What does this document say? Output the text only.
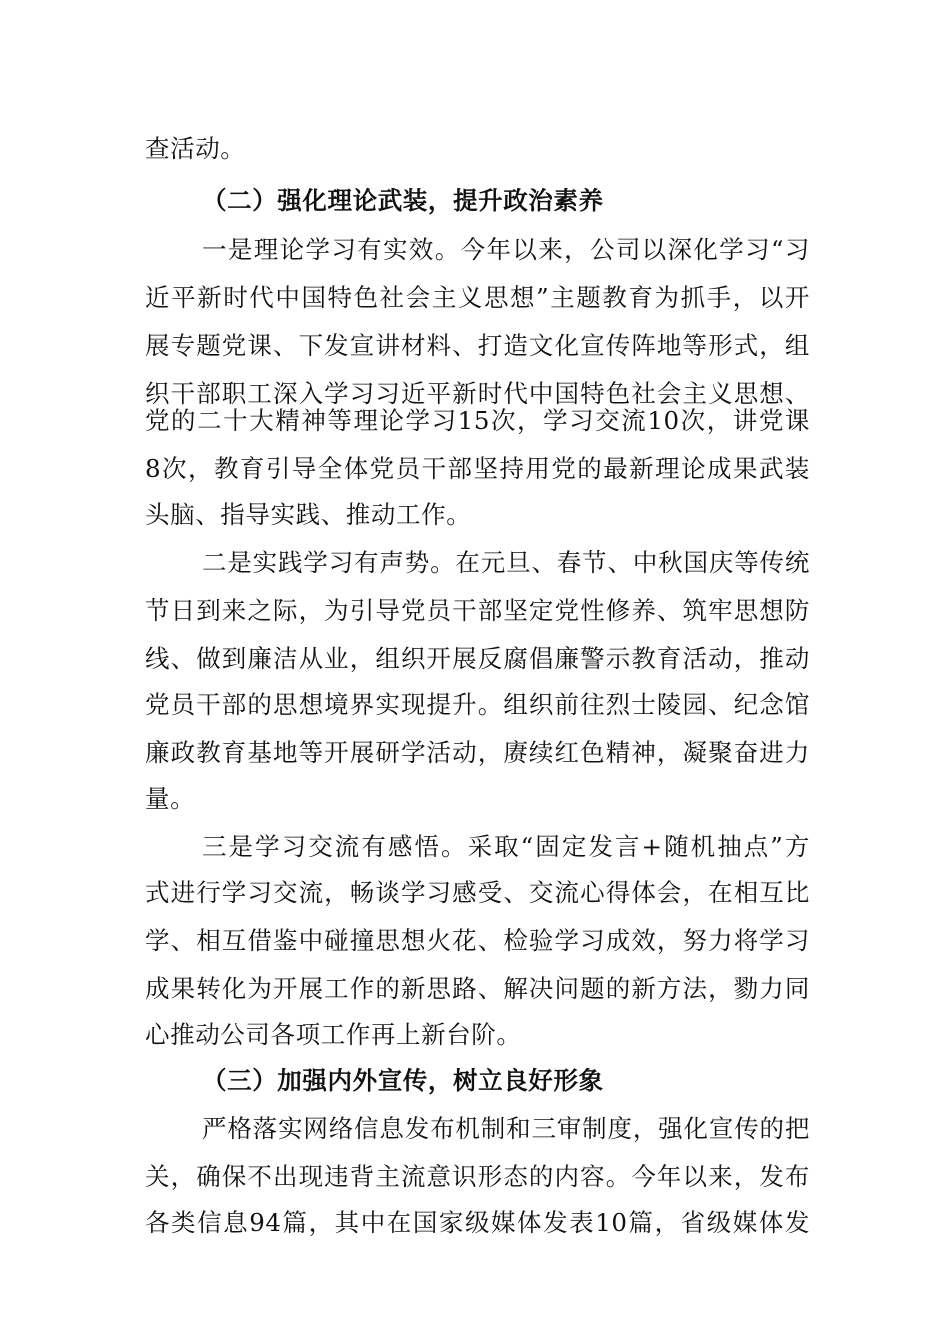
查活动。
（二）强化理论武装，提升政治素养
一是理论学习有实效。今年以来，公司以深化学习“习
近平新时代中国特色社会主义思想”主题教育为抓手，以开
展专题党课、下发宣讲材料、打造文化宣传阵地等形式，组
织干部职工深入学习习近平新时代中国特色社会主义思想、
党的二十大精神等理论学习15次，学习交流10次，讲党课
8次，教育引导全体党员干部坚持用党的最新理论成果武装
头脑、指导实践、推动工作。
二是实践学习有声势。在元旦、春节、中秋国庆等传统
节日到来之际，为引导党员干部坚定党性修养、筑牢思想防
线、做到廉洁从业，组织开展反腐倡廉警示教育活动，推动
党员干部的思想境界实现提升。组织前往烈士陵园、纪念馆
廉政教育基地等开展研学活动，赓续红色精神，凝聚奋进力
量。
三是学习交流有感悟。采取“固定发言+随机抽点”方
式进行学习交流，畅谈学习感受、交流心得体会，在相互比
学、相互借鉴中碰撞思想火花、检验学习成效，努力将学习
成果转化为开展工作的新思路、解决问题的新方法，勠力同
心推动公司各项工作再上新台阶。
（三）加强内外宣传，树立良好形象
严格落实网络信息发布机制和三审制度，强化宣传的把
关，确保不出现违背主流意识形态的内容。今年以来，发布
各类信息94篇，其中在国家级媒体发表10篇，省级媒体发
